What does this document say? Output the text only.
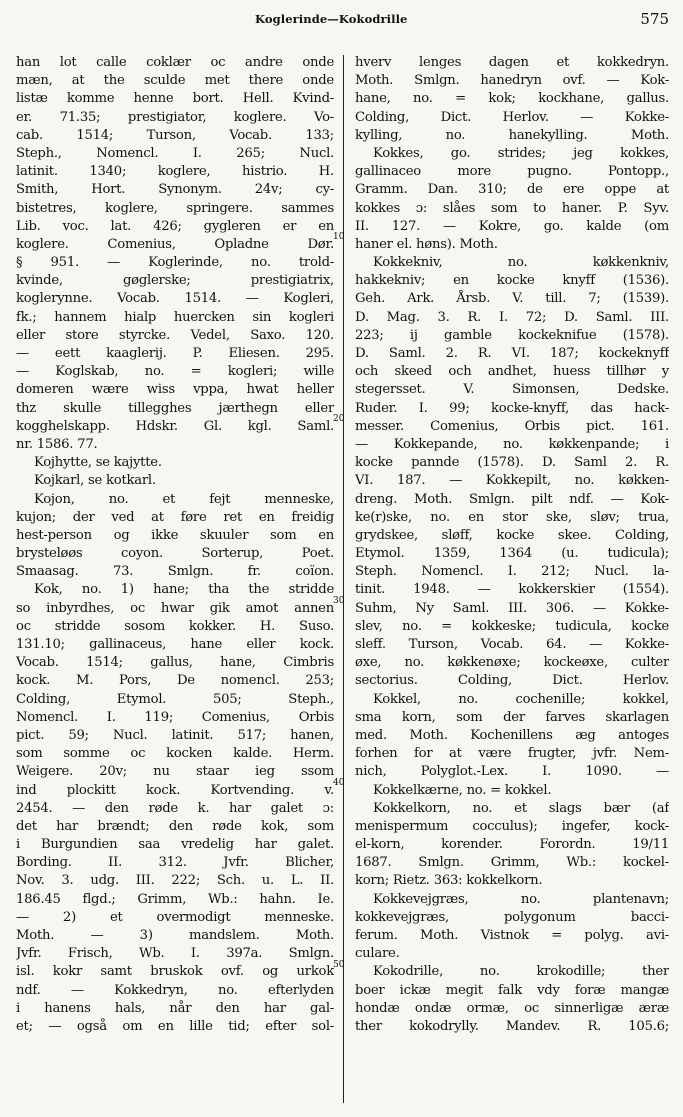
Koglerinde—Kokodrille	575
10
20
30
40
50
han lot calle coklær oc andre onde
mæn, at the sculde met there onde
listæ komme henne bort. Hell. Kvind-
er. 71.35; prestigiator, koglere. Vo-
cab. 1514; Turson, Vocab. 133;
Steph., Nomencl. I. 265; Nucl.
latinit. 1340; koglere, histrio. H.
Smith, Hort. Synonym. 24v; cy-
bistetres, koglere, springere. sammes
Lib. voc. lat. 426; gygleren er en
koglere. Comenius, Opladne Dør.
§ 951. — Koglerinde, no. trold-
kvinde, gøglerske; prestigiatrix,
koglerynne. Vocab. 1514. — Kogleri,
fk.; hannem hialp huercken sin kogleri
eller store styrcke. Vedel, Saxo. 120.
— eett kaaglerij. P. Eliesen. 295.
— Koglskab, no. = kogleri; wille
domeren wære wiss vppa, hwat heller
thz skulle tillegghes jærthegn eller
kogghelskapp. Hdskr. Gl. kgl. Saml.
nr. 1586. 77.
Kojhytte, se kajytte.
Kojkarl, se kotkarl.
Kojon, no. et fejt menneske,
kujon; der ved at føre ret en freidig
hest-person og ikke skuuler som en
brysteløøs coyon. Sorterup, Poet.
Smaasag. 73. Smlgn. fr. coïon.
Kok, no. 1) hane; tha the stridde
so inbyrdhes, oc hwar gik amot annen
oc stridde sosom kokker. H. Suso.
131.10; gallinaceus, hane eller kock.
Vocab. 1514; gallus, hane, Cimbris
kock. M. Pors, De nomencl. 253;
Colding, Etymol. 505; Steph.,
Nomencl. I. 119; Comenius, Orbis
pict. 59; Nucl. latinit. 517; hanen,
som somme oc kocken kalde. Herm.
Weigere. 20v; nu staar ieg ssom
ind plockitt kock. Kortvending. v.
2454. — den røde k. har galet ɔ:
det har brændt; den røde kok, som
i Burgundien saa vredelig har galet.
Bording. II. 312. Jvfr. Blicher,
Nov. 3. udg. III. 222; Sch. u. L. II.
186.45 flgd.; Grimm, Wb.: hahn. Ie.
— 2) et overmodigt menneske.
Moth. — 3) mandslem. Moth.
Jvfr. Frisch, Wb. I. 397a. Smlgn.
isl. kokr samt bruskok ovf. og urkok
ndf. — Kokkedryn, no. efterlyden
i hanens hals, når den har gal-
et; — også om en lille tid; efter sol-
hverv lenges dagen et kokkedryn.
Moth. Smlgn. hanedryn ovf. — Kok-
hane, no. = kok; kockhane, gallus.
Colding, Dict. Herlov. — Kokke-
kylling, no. hanekylling. Moth.
Kokkes, go. strides; jeg kokkes,
gallinaceo more pugno. Pontopp.,
Gramm. Dan. 310; de ere oppe at
kokkes ɔ: slåes som to haner. P. Syv.
II. 127. — Kokre, go. kalde (om
haner el. høns). Moth.
Kokkekniv, no. køkkenkniv,
hakkekniv; en kocke knyff (1536).
Geh. Ark. Årsb. V. till. 7; (1539).
D. Mag. 3. R. I. 72; D. Saml. III.
223; ij gamble kockeknifue (1578).
D. Saml. 2. R. VI. 187; kockeknyff
och skeed och andhet, huess tillhør y
stegersset. V. Simonsen, Dedske.
Ruder. I. 99; kocke-knyff, das hack-
messer. Comenius, Orbis pict. 161.
— Kokkepande, no. køkkenpande; i
kocke pannde (1578). D. Saml 2. R.
VI. 187. — Kokkepilt, no. køkken-
dreng. Moth. Smlgn. pilt ndf. — Kok-
ke(r)ske, no. en stor ske, sløv; trua,
grydskee, sløff, kocke skee. Colding,
Etymol. 1359, 1364 (u. tudicula);
Steph. Nomencl. I. 212; Nucl. la-
tinit. 1948. — kokkerskier (1554).
Suhm, Ny Saml. III. 306. — Kokke-
slev, no. = kokkeske; tudicula, kocke
sleff. Turson, Vocab. 64. — Kokke-
øxe, no. køkkenøxe; kockeøxe, culter
sectorius. Colding, Dict. Herlov.
Kokkel, no. cochenille; kokkel,
sma korn, som der farves skarlagen
med. Moth. Kochenillens æg antoges
forhen for at være frugter, jvfr. Nem-
nich, Polyglot.-Lex. I. 1090. —
Kokkelkærne, no. = kokkel.
Kokkelkorn, no. et slags bær (af
menispermum cocculus); ingefer, kock-
el-korn, korender. Forordn. 19/11
1687. Smlgn. Grimm, Wb.: kockel-
korn; Rietz. 363: kokkelkorn.
Kokkevejgræs, no. plantenavn;
kokkevejgræs, polygonum bacci-
ferum. Moth. Vistnok = polyg. avi-
culare.
Kokodrille, no. krokodille; ther
boer ickæ megit falk vdy foræ mangæ
hondæ ondæ ormæ, oc sinnerligæ æræ
ther kokodrylly. Mandev. R. 105.6;
